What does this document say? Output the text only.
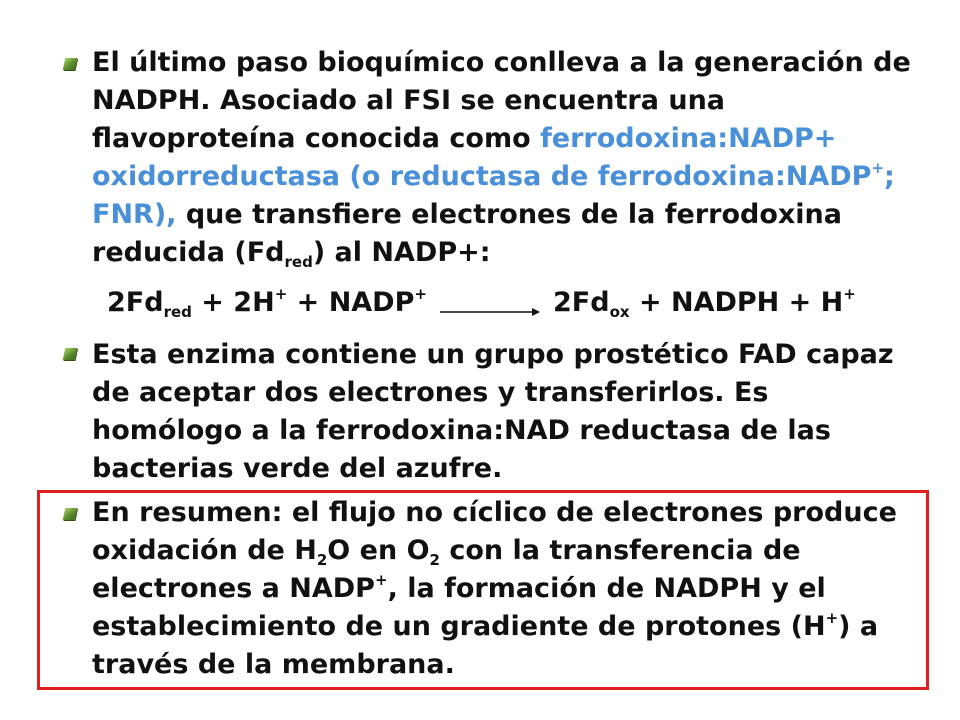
El último paso bioquímico conlleva a la generación de NADPH. Asociado al FSI se encuentra una flavoproteína conocida como ferrodoxina:NADP+ oxidorreductasa (o reductasa de ferrodoxina:NADP+; FNR), que transfiere electrones de la ferrodoxina reducida $(Fd_{red})$ al NADP+:
$2Fd_{red} + 2H^+$ + NADP+	$2Fd_{ox}$ + NADPH + H+
Esta enzima contiene un grupo prostético FAD capaz de aceptar dos electrones y transferirlos. Es homólogo a la ferrodoxina:NAD reductasa de las bacterias verde del azufre.
En resumen: el flujo no cíclico de electrones produce oxidación de $H_2O$ en $O_2$ con la transferencia de electrones a NADP+, la formación de NADPH y el establecimiento de un gradiente de protones (H+) a través de la membrana.
